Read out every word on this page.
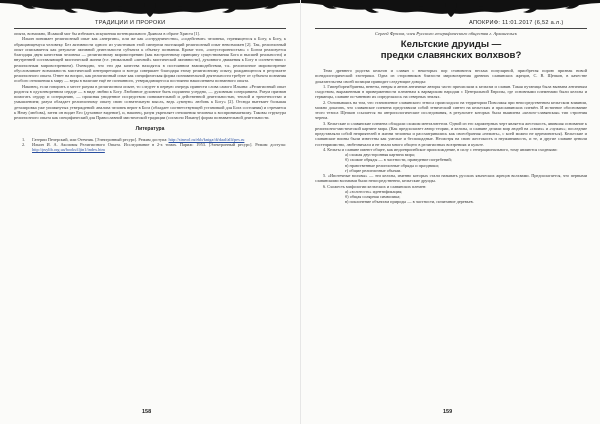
ТРАДИЦИИ И ПРОРОКИ

опыта, возможно, Исаакий мог бы избежать искушения потенциального Дьявола в образе Христа [1].

Ильин понимает религиозный опыт как «анергию», или же как «сотрудничество», «содействие» человека, стремящегося к Богу, к Богу, к обращающемуся человеку. Без активности одного из участников этой синергии настоящий религиозный опыт невозможен [2]. Так, религиозный опыт описывается как результат активной деятельности субъекта к объекту познания. Кроме того, «потусторонностью» с Богом реализуется благодаря двум качествам человека — религиозному мировоззрению (как настроенному принципу существования Бога и высшей реальности) и внутренней составляющей мистической жизни (т.е. уникальной «личной» мистической активности), духовного движения к Богу в соответствии с религиозным мировоззрением). Очевидно, что эти два качества находятся в постоянном взаимодействии, т.к. религиозное мировоззрение обусловливает возможность мистической интерпретации и всегда совершает благодаря этому религиозному опыту, рождающегося в результате религиозного опыта. Ответ на вопрос, как религиозный опыт как специфическая форма познавательной деятельности требует от субъекта познания особого отношения к миру — веры в наличие ещё не познанного, утверждающегося постоянно накоплением познанного опыта.

Наконец, если говорить о месте разума в религиозном опыте, то следует в первую очередь привести слова самого Ильина: «Религиозный опыт родится в одухотворенном сердце — в виде любви к Богу. Любовное духовное быть подлинно усердно, — духовным созерцанием. Разум призван помогать сердцу и созерцанию, — проясняя увиденное посредством понимательной и действенной деятельностью, теплой и трепетностью и умышлением; разум обладает религиозному опыту свою сознательную мысль, ведь «умную» любовь к Богу» [2]. Отсюда вытекает большая деталировка уже упомянутых утверждений: анализа человек верит в Бога (обладает соответствующей установкой для Бога состояния) и стремится к Нему (любовь), затем он видит Его (духовное видение), и, наконец, разум укрепляет отношения человека к воспринимаемому. Таковы структура религиозного опыта как специфический для Православной мистической традиции (согласно Ильину) форма познавательной деятельности.

Литература
1.	Гатерии Печерский, или Отечник. [Электронный ресурс]. Режим доступа: http://simvol.ru/ekb/kniga/dt/daal/alli/pes.ru
2.	Ильин И. А. Аксиомы Религиозного Опыта. Исследование в 2-х томах. Париж: 1953. [Электронный ресурс]. Режим доступа: http://psylib.org.ua/books/iljin1/index.htm
158
АПОКРИФ: 11:01.2017 (6,52 а.л.)
Сергей Фролов, член Русского географического общества г. Архангельск
Кельтские друиды —
предки славянских волхвов?

Тема древнего родства кельтов и славян с некоторых пор становится весьма популярной, приобретая порою признак новой псевдоисторической эзотерики. Одна из сторонников близости мировоззрения древних славянских жрецов, С. В. Щепков, в качестве доказательства своей позиции приводит следующие доводы:

1. Гипербореи/бриевы, венеты, невры и антов античные авторы часто причисляли к кельтам и славян. Такая путаница была вызвана античным сходством, выраженным в приверженности племенам к варварским народам с Центральной Европы, где основными племенами были кельты и германцы, славяне по-мнению их определялось на северных землях.

2. Основываясь на том, что становление славянского этноса происходило на территории Поволжья при непосредственном кельтском влиянии, можно доказать, что славянское племена представили собой этнический синтез на кельтских и праславянских племён. И истинное обоснование этого тезиса Щепков ссылается на антропологические исследования, в результате которых была выявлена «кельто-славянская» тип строения черепа.

3. Кельтские и славянские племена обладали схожим менталитетом. Одной из его характерных черт является жестокость, явившая основание к религиозно-мистической картине мира. (Как предполагает автор теории, и кельты, и славяне делили мир людей на «своих» и «чужих»; последние представляли собой неприятелей в жизни человека и рассматривались как своеобразная «нежить», с коей можно не церемониться). Кельтские и славянские воины были известны как умелые и беспощадные. Несмотря на свою жестокость и неуживчивость, и те, и другие славяне ценили гостеприимство, любезничали и не знали много общего в религиозных воззрениях и культе.

4. Кельты и славяне имеют общее, как индоевропейское происхождение, в силу с генерационального, тому являются сходными:

а) схожая двусторонняя картина мира;

б) схожие обряды — в частности, праведение погребений;

в) нравственные религиозные обряды и праздники;

г) общие религиозные обычаи.

5. «Ипотечные волхвы» — эти кельты, именно которых стали называть русских языческих жрецов волхвами. Предполагается, что первыми славянскими волхвами были непосредственно, кельтские друиды.

6. Схожесть мифологии кельтских и славянских племен:

а) «золотость» идентификация;

б) общая солярная символика;

в) поклонение объектам природы — в частности, почитание деревьев.

159
